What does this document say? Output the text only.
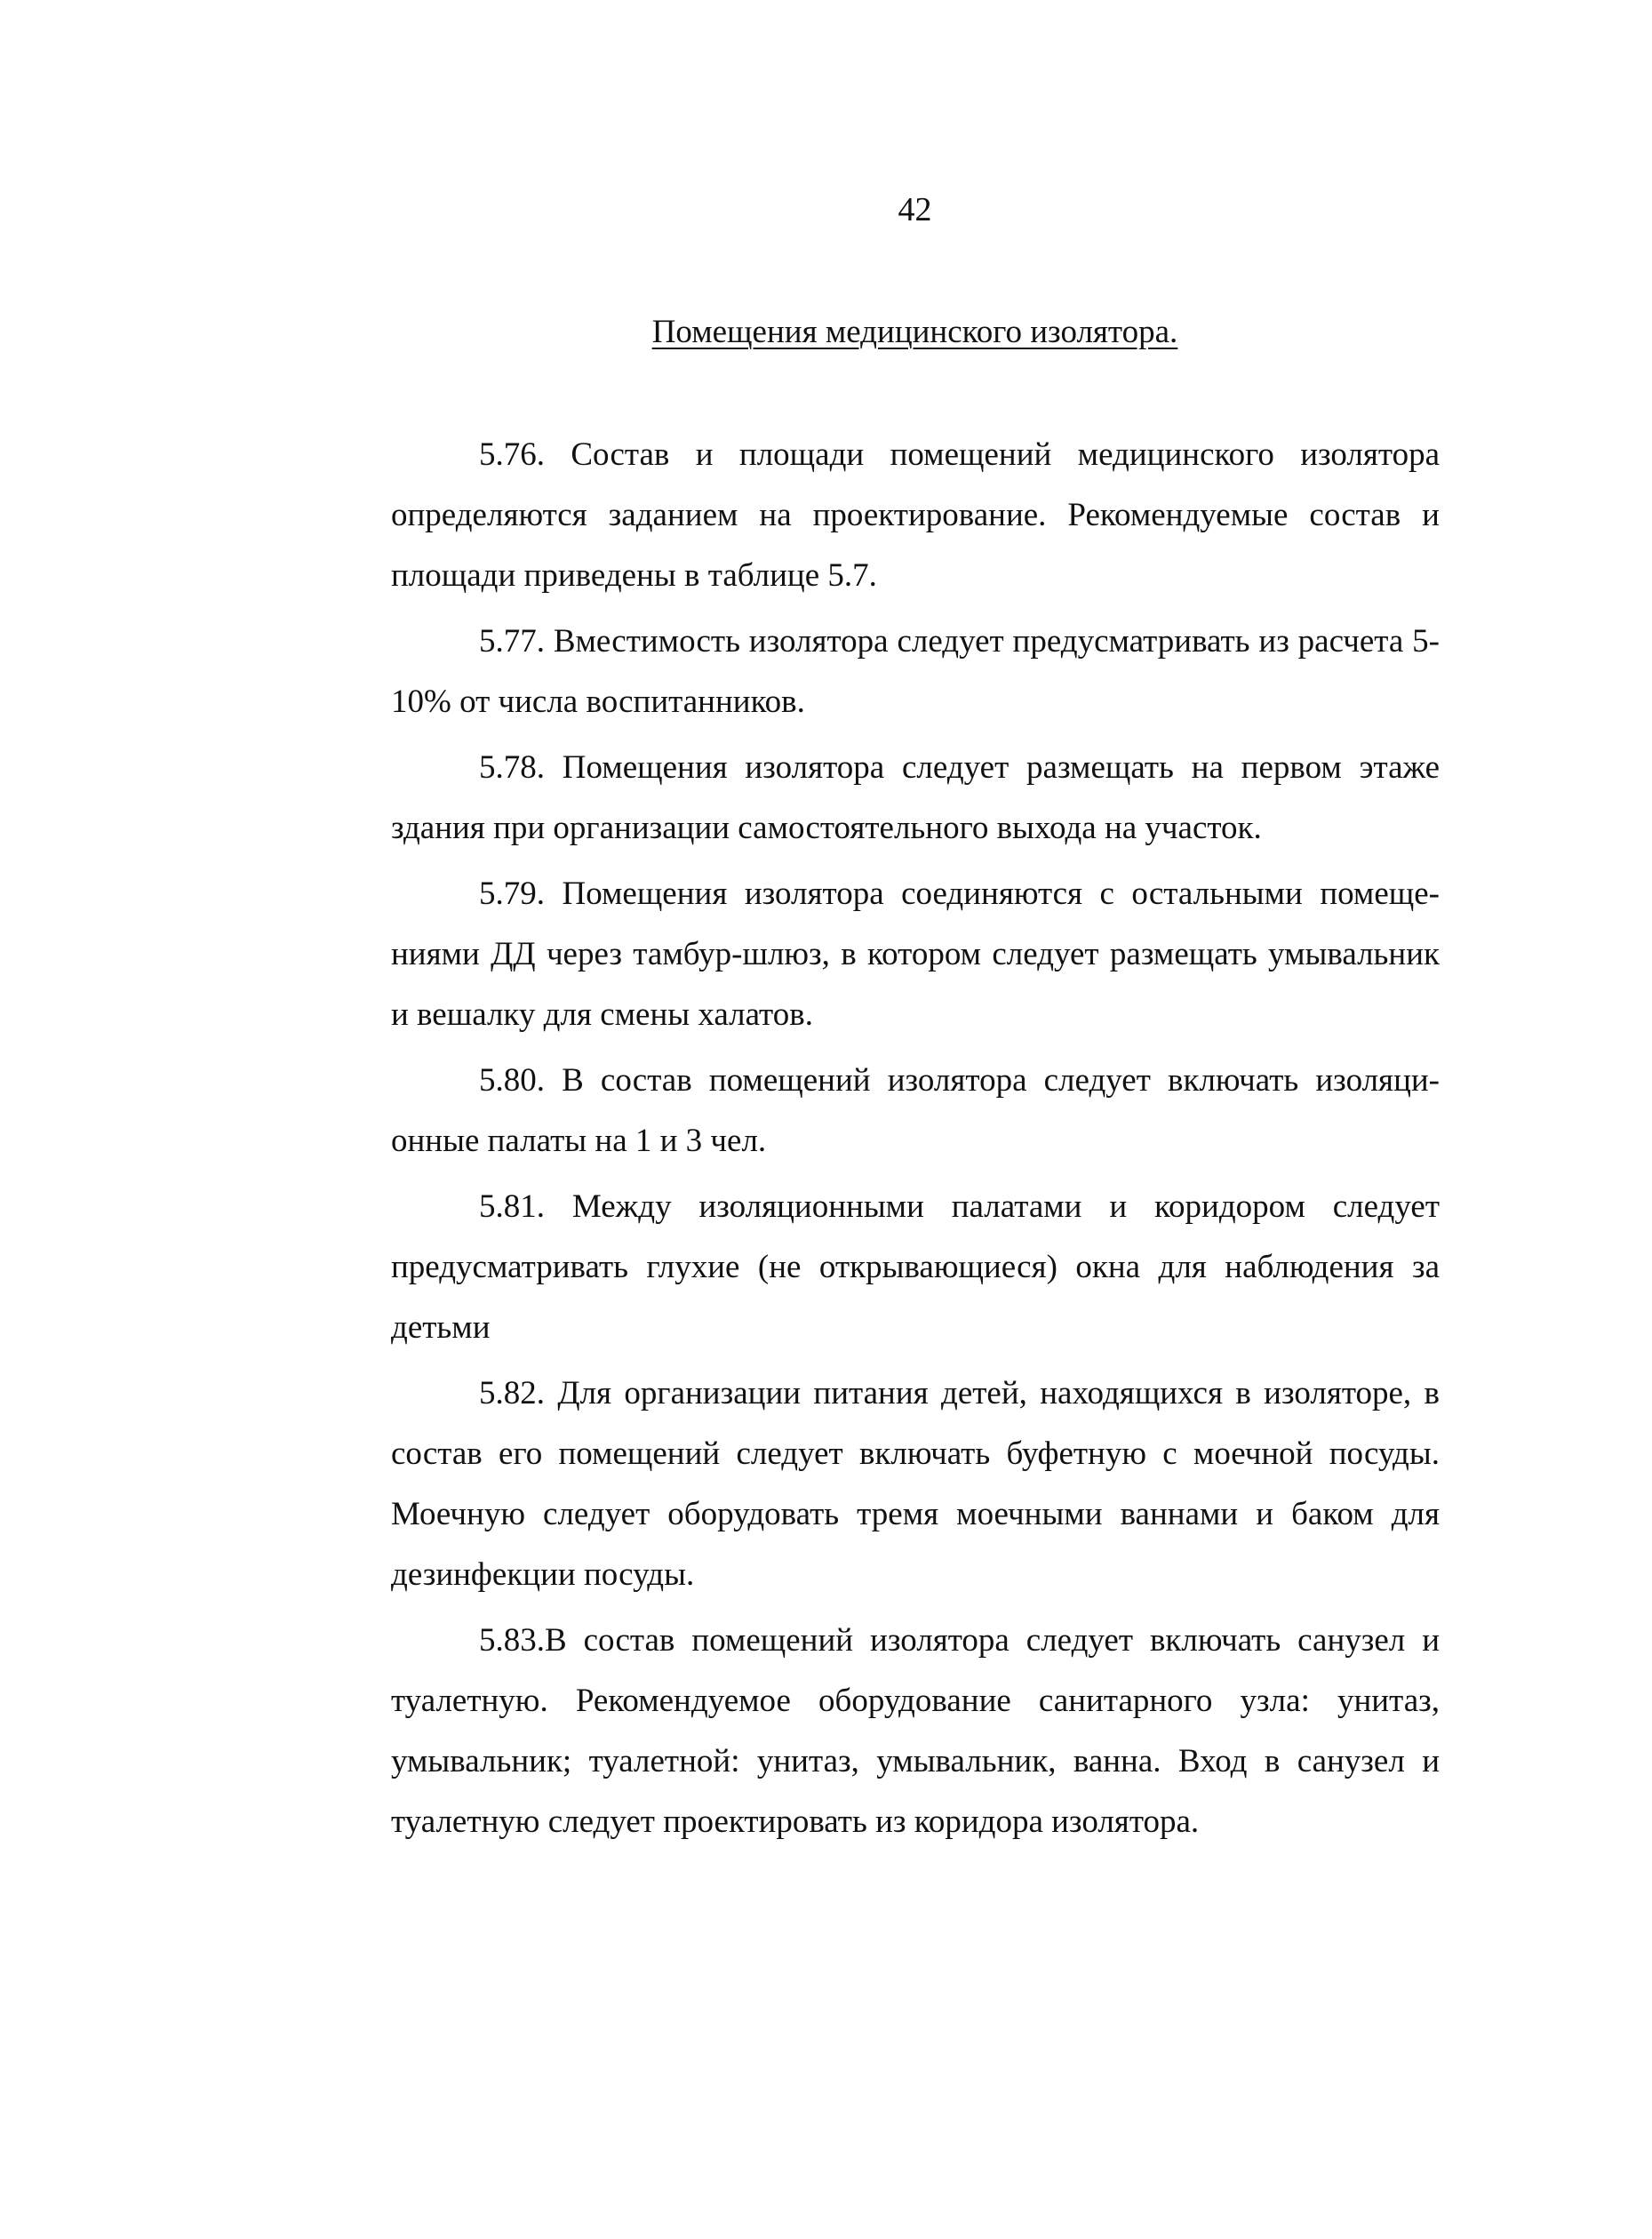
42
Помещения медицинского изолятора.

5.76. Состав и площади помещений медицинского изолятора определяются заданием на проектирование. Рекомендуемые состав и площади приведены в таблице 5.7.

5.77. Вместимость изолятора следует предусматривать из расчета 5-10% от числа воспитанников.

5.78. Помещения изолятора следует размещать на первом этаже здания при организации самостоятельного выхода на участок.

5.79. Помещения изолятора соединяются с остальными помещениями ДД через тамбур-шлюз, в котором следует размещать умывальник и вешалку для смены халатов.

5.80. В состав помещений изолятора следует включать изоляционные палаты на 1 и 3 чел.

5.81. Между изоляционными палатами и коридором следует предусматривать глухие (не открывающиеся) окна для наблюдения за детьми

5.82. Для организации питания детей, находящихся в изоляторе, в состав его помещений следует включать буфетную с моечной посуды. Моечную следует оборудовать тремя моечными ваннами и баком для дезинфекции посуды.

5.83.В состав помещений изолятора следует включать санузел и туалетную. Рекомендуемое оборудование санитарного узла: унитаз, умывальник; туалетной: унитаз, умывальник, ванна. Вход в санузел и туалетную следует проектировать из коридора изолятора.
